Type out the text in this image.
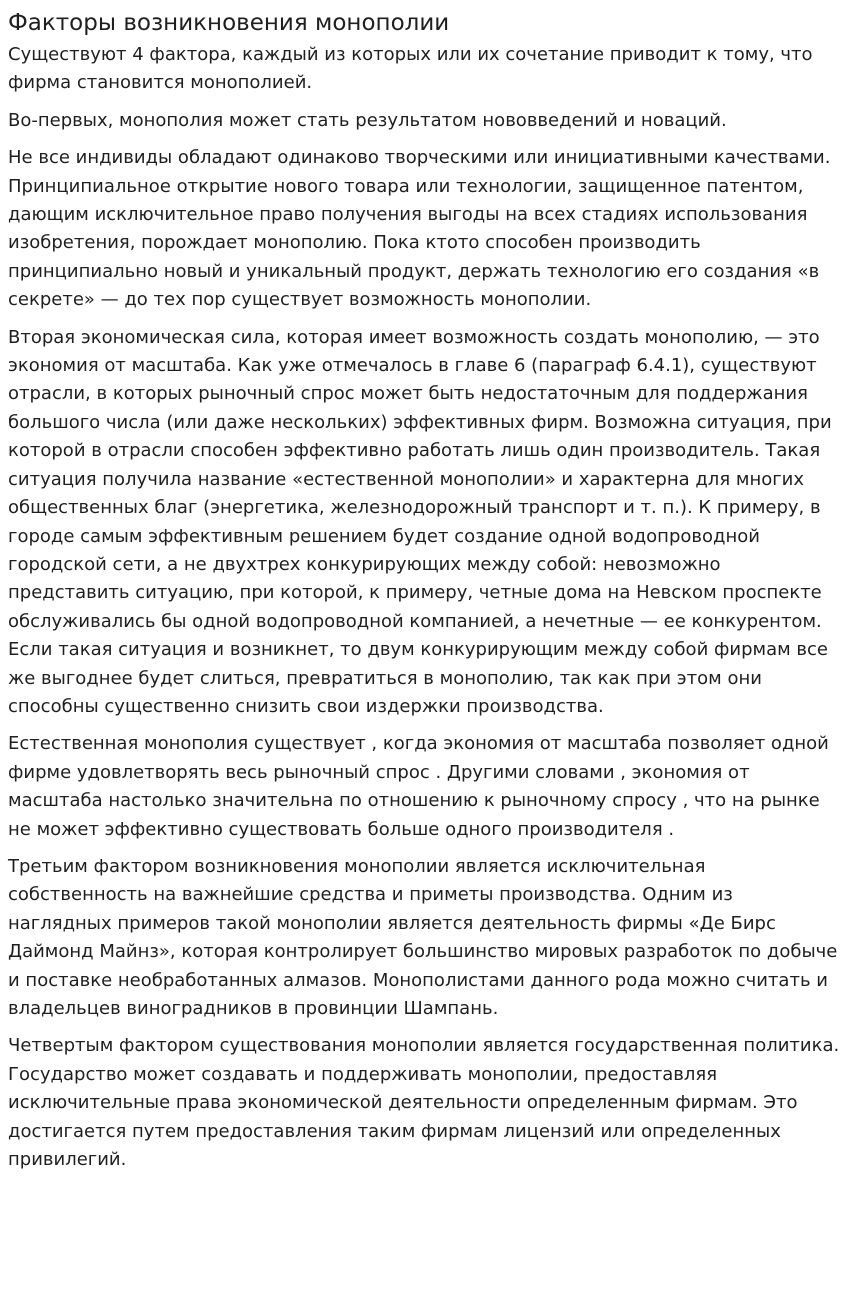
Факторы возникновения монополии

Существуют 4 фактора, каждый из которых или их сочетание приводит к тому, что фирма становится монополией.

Во-первых, монополия может стать результатом нововведений и новаций.

Не все индивиды обладают одинаково творческими или инициативными качествами. Принципиальное открытие нового товара или технологии, защищенное патентом, дающим исключительное право получения выгоды на всех стадиях использования изобретения, порождает монополию. Пока ктото способен производить принципиально новый и уникальный продукт, держать технологию его создания «в секрете» — до тех пор существует возможность монополии.

Вторая экономическая сила, которая имеет возможность создать монополию, — это экономия от масштаба. Как уже отмечалось в главе 6 (параграф 6.4.1), существуют отрасли, в которых рыночный спрос может быть недостаточным для поддержания большого числа (или даже нескольких) эффективных фирм. Возможна ситуация, при которой в отрасли способен эффективно работать лишь один производитель. Такая ситуация получила название «естественной монополии» и характерна для многих общественных благ (энергетика, железнодорожный транспорт и т. п.). К примеру, в городе самым эффективным решением будет создание одной водопроводной городской сети, а не двухтрех конкурирующих между собой: невозможно представить ситуацию, при которой, к примеру, четные дома на Невском проспекте обслуживались бы одной водопроводной компанией, а нечетные — ее конкурентом. Если такая ситуация и возникнет, то двум конкурирующим между собой фирмам все же выгоднее будет слиться, превратиться в монополию, так как при этом они способны существенно снизить свои издержки производства.

Естественная монополия существует , когда экономия от масштаба позволяет одной фирме удовлетворять весь рыночный спрос . Другими словами , экономия от масштаба настолько значительна по отношению к рыночному спросу , что на рынке не может эффективно существовать больше одного производителя .

Третьим фактором возникновения монополии является исключительная собственность на важнейшие средства и приметы производства. Одним из наглядных примеров такой монополии является деятельность фирмы «Де Бирс Даймонд Майнз», которая контролирует большинство мировых разработок по добыче и поставке необработанных алмазов. Монополистами данного рода можно считать и владельцев виноградников в провинции Шампань.

Четвертым фактором существования монополии является государственная политика. Государство может создавать и поддерживать монополии, предоставляя исключительные права экономической деятельности определенным фирмам. Это достигается путем предоставления таким фирмам лицензий или определенных привилегий.
